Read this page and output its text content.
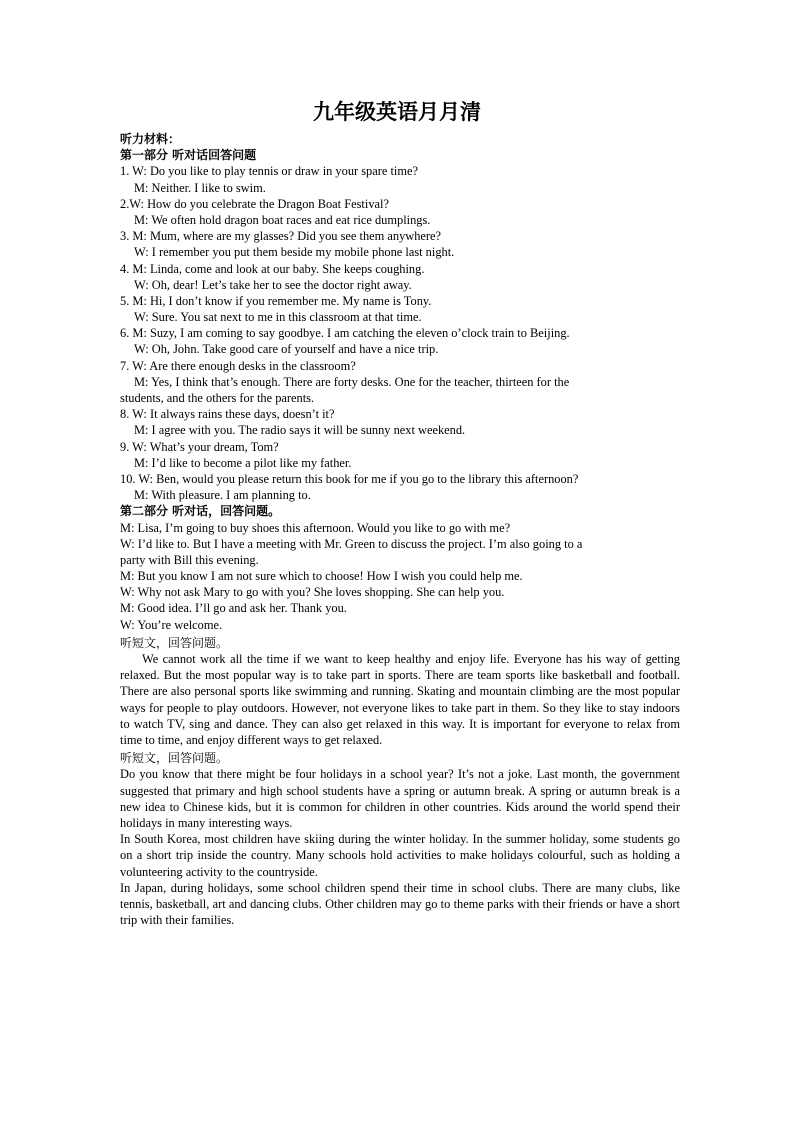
九年级英语月月清
听力材料：
第一部分 听对话回答问题
1. W: Do you like to play tennis or draw in your spare time?
M: Neither. I like to swim.
2.W: How do you celebrate the Dragon Boat Festival?
M: We often hold dragon boat races and eat rice dumplings.
3. M: Mum, where are my glasses? Did you see them anywhere?
W: I remember you put them beside my mobile phone last night.
4. M: Linda, come and look at our baby. She keeps coughing.
W: Oh, dear! Let’s take her to see the doctor right away.
5. M: Hi, I don’t know if you remember me. My name is Tony.
W: Sure. You sat next to me in this classroom at that time.
6. M: Suzy, I am coming to say goodbye. I am catching the eleven o’clock train to Beijing.
W: Oh, John. Take good care of yourself and have a nice trip.
7. W: Are there enough desks in the classroom?
M: Yes, I think that’s enough. There are forty desks. One for the teacher, thirteen for the
students, and the others for the parents.
8. W: It always rains these days, doesn’t it?
M: I agree with you. The radio says it will be sunny next weekend.
9. W: What’s your dream, Tom?
M: I’d like to become a pilot like my father.
10. W: Ben, would you please return this book for me if you go to the library this afternoon?
M: With pleasure. I am planning to.
第二部分 听对话，回答问题。
M: Lisa, I’m going to buy shoes this afternoon. Would you like to go with me?
W: I’d like to. But I have a meeting with Mr. Green to discuss the project. I’m also going to a
party with Bill this evening.
M: But you know I am not sure which to choose! How I wish you could help me.
W: Why not ask Mary to go with you? She loves shopping. She can help you.
M: Good idea. I’ll go and ask her. Thank you.
W: You’re welcome.
听短文，回答问题。
We cannot work all the time if we want to keep healthy and enjoy life. Everyone has his way of getting relaxed. But the most popular way is to take part in sports. There are team sports like basketball and football. There are also personal sports like swimming and running. Skating and mountain climbing are the most popular ways for people to play outdoors. However, not everyone likes to take part in them. So they like to stay indoors to watch TV, sing and dance. They can also get relaxed in this way. It is important for everyone to relax from time to time, and enjoy different ways to get relaxed.
听短文，回答问题。
Do you know that there might be four holidays in a school year? It’s not a joke. Last month, the government suggested that primary and high school students have a spring or autumn break. A spring or autumn break is a new idea to Chinese kids, but it is common for children in other countries. Kids around the world spend their holidays in many interesting ways.
In South Korea, most children have skiing during the winter holiday. In the summer holiday, some students go on a short trip inside the country. Many schools hold activities to make holidays colourful, such as holding a volunteering activity to the countryside.
In Japan, during holidays, some school children spend their time in school clubs. There are many clubs, like tennis, basketball, art and dancing clubs. Other children may go to theme parks with their friends or have a short trip with their families.
